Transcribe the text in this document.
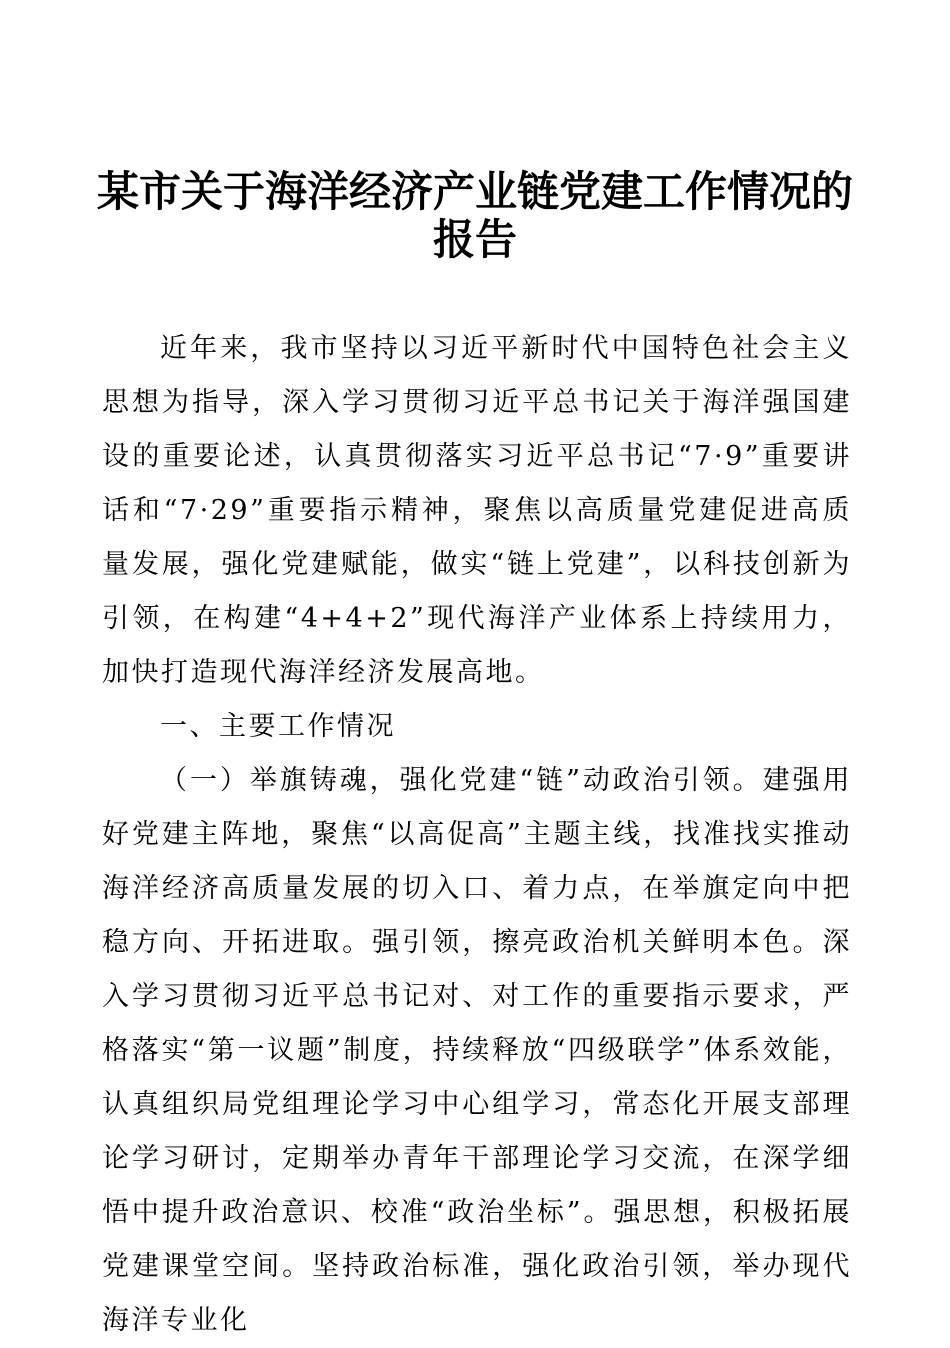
某市关于海洋经济产业链党建工作情况的报告

近年来，我市坚持以习近平新时代中国特色社会主义思想为指导，深入学习贯彻习近平总书记关于海洋强国建设的重要论述，认真贯彻落实习近平总书记“7·9”重要讲话和“7·29”重要指示精神，聚焦以高质量党建促进高质量发展，强化党建赋能，做实“链上党建”，以科技创新为引领，在构建“4+4+2”现代海洋产业体系上持续用力，加快打造现代海洋经济发展高地。

一、主要工作情况

（一）举旗铸魂，强化党建“链”动政治引领。建强用好党建主阵地，聚焦“以高促高”主题主线，找准找实推动海洋经济高质量发展的切入口、着力点，在举旗定向中把稳方向、开拓进取。强引领，擦亮政治机关鲜明本色。深入学习贯彻习近平总书记对、对工作的重要指示要求，严格落实“第一议题”制度，持续释放“四级联学”体系效能，认真组织局党组理论学习中心组学习，常态化开展支部理论学习研讨，定期举办青年干部理论学习交流，在深学细悟中提升政治意识、校准“政治坐标”。强思想，积极拓展党建课堂空间。坚持政治标准，强化政治引领，举办现代海洋专业化
